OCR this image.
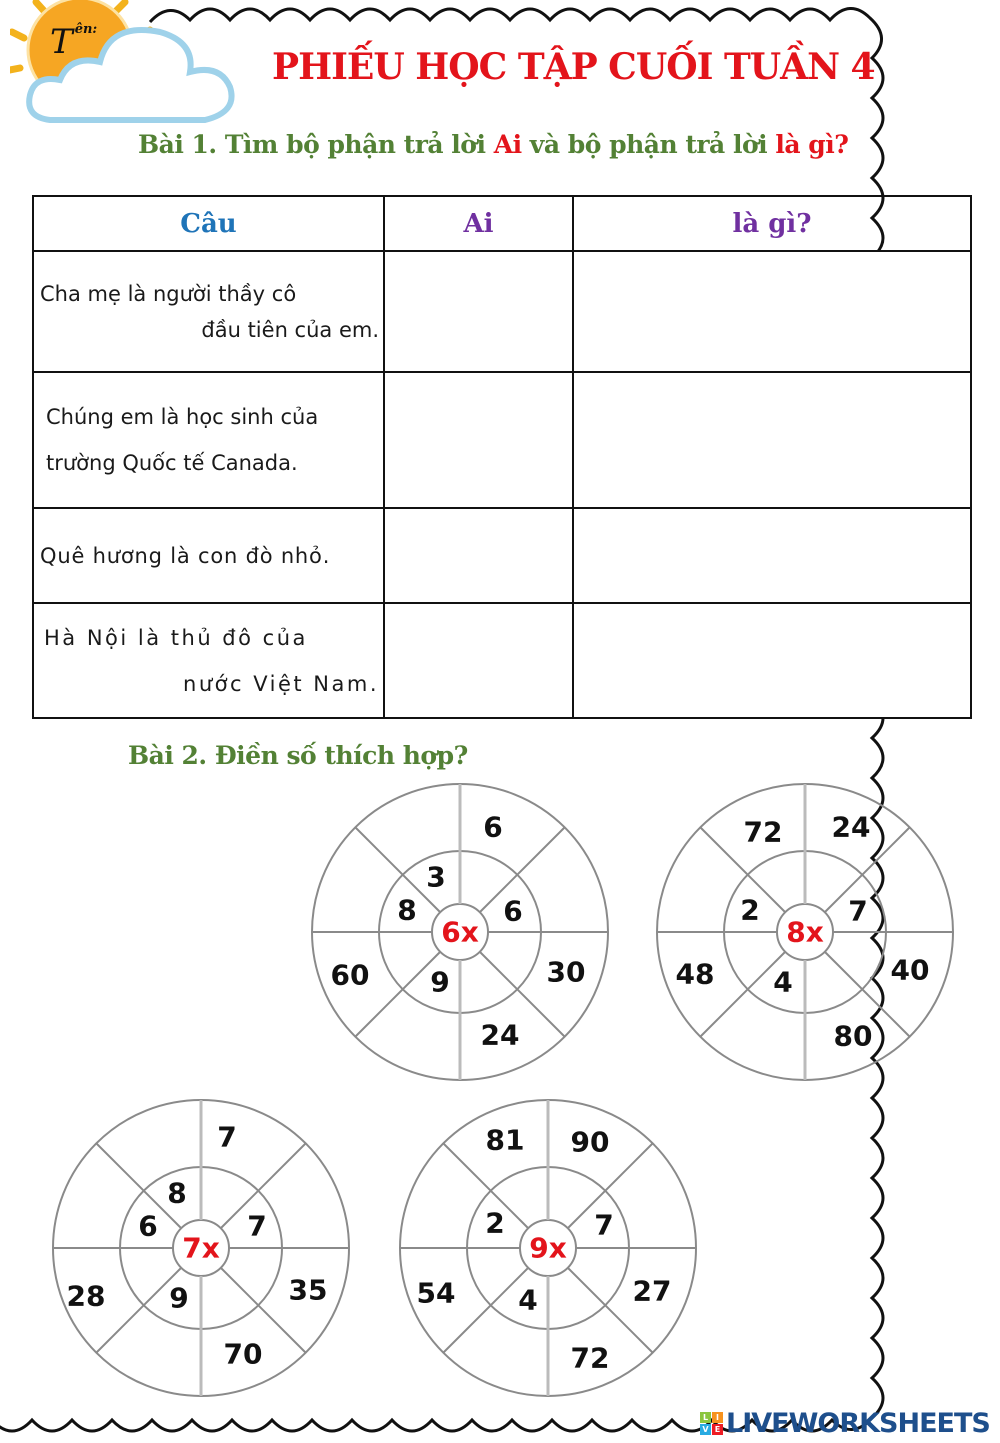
T $^{ên:}$
PHIẾU HỌC TẬP CUỐI TUẦN 4
Bài 1. Tìm bộ phận trả lời Ai và bộ phận trả lời là gì?
Câu	Ai	là gì?

Cha mẹ là người thầy cô
đầu tiên của em.		

Chúng em là học sinh của
trường Quốc tế Canada.		

Quê hương là con đò nhỏ.		

Hà Nội là thủ đô của
nước Việt Nam.		

Bài 2. Điền số thích hợp?
6x
3
8	6
9
6
60	30
24
8x
2	7
4
72 24
48	40
80
7x
8
6	7
9
7
28	35
70
9x
2	7
4
81 90
54	27
72
L I
V E LIVEWORKSHEETS
